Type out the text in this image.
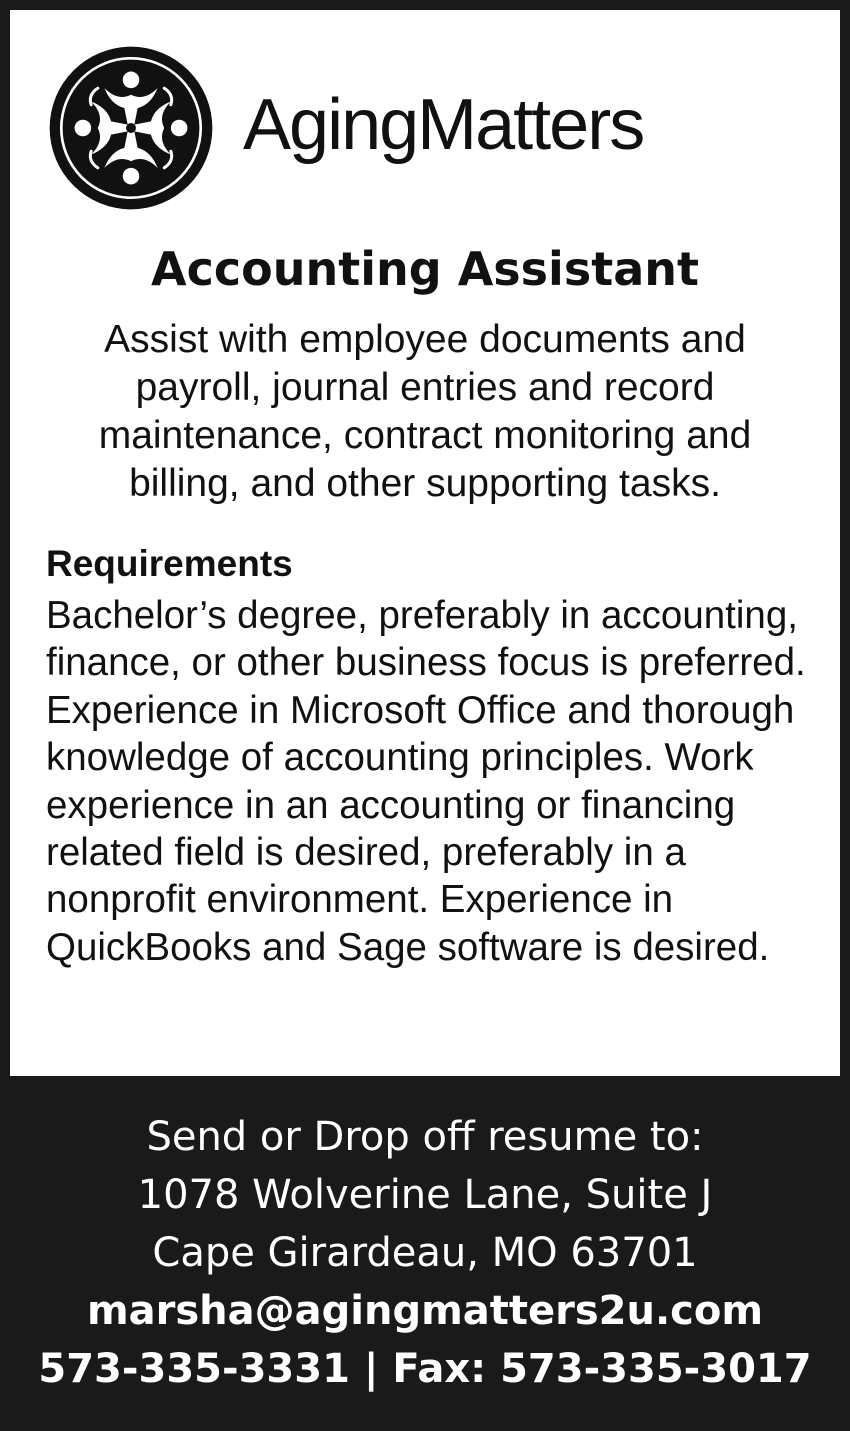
AgingMatters
Accounting Assistant

Assist with employee documents and payroll, journal entries and record maintenance, contract monitoring and billing, and other supporting tasks.

Requirements

Bachelor’s degree, preferably in accounting, finance, or other business focus is preferred. Experience in Microsoft Office and thorough knowledge of accounting principles. Work experience in an accounting or financing related field is desired, preferably in a nonprofit environment. Experience in QuickBooks and Sage software is desired.

Send or Drop off resume to:
1078 Wolverine Lane, Suite J
Cape Girardeau, MO 63701
marsha@agingmatters2u.com
573-335-3331 | Fax: 573-335-3017
